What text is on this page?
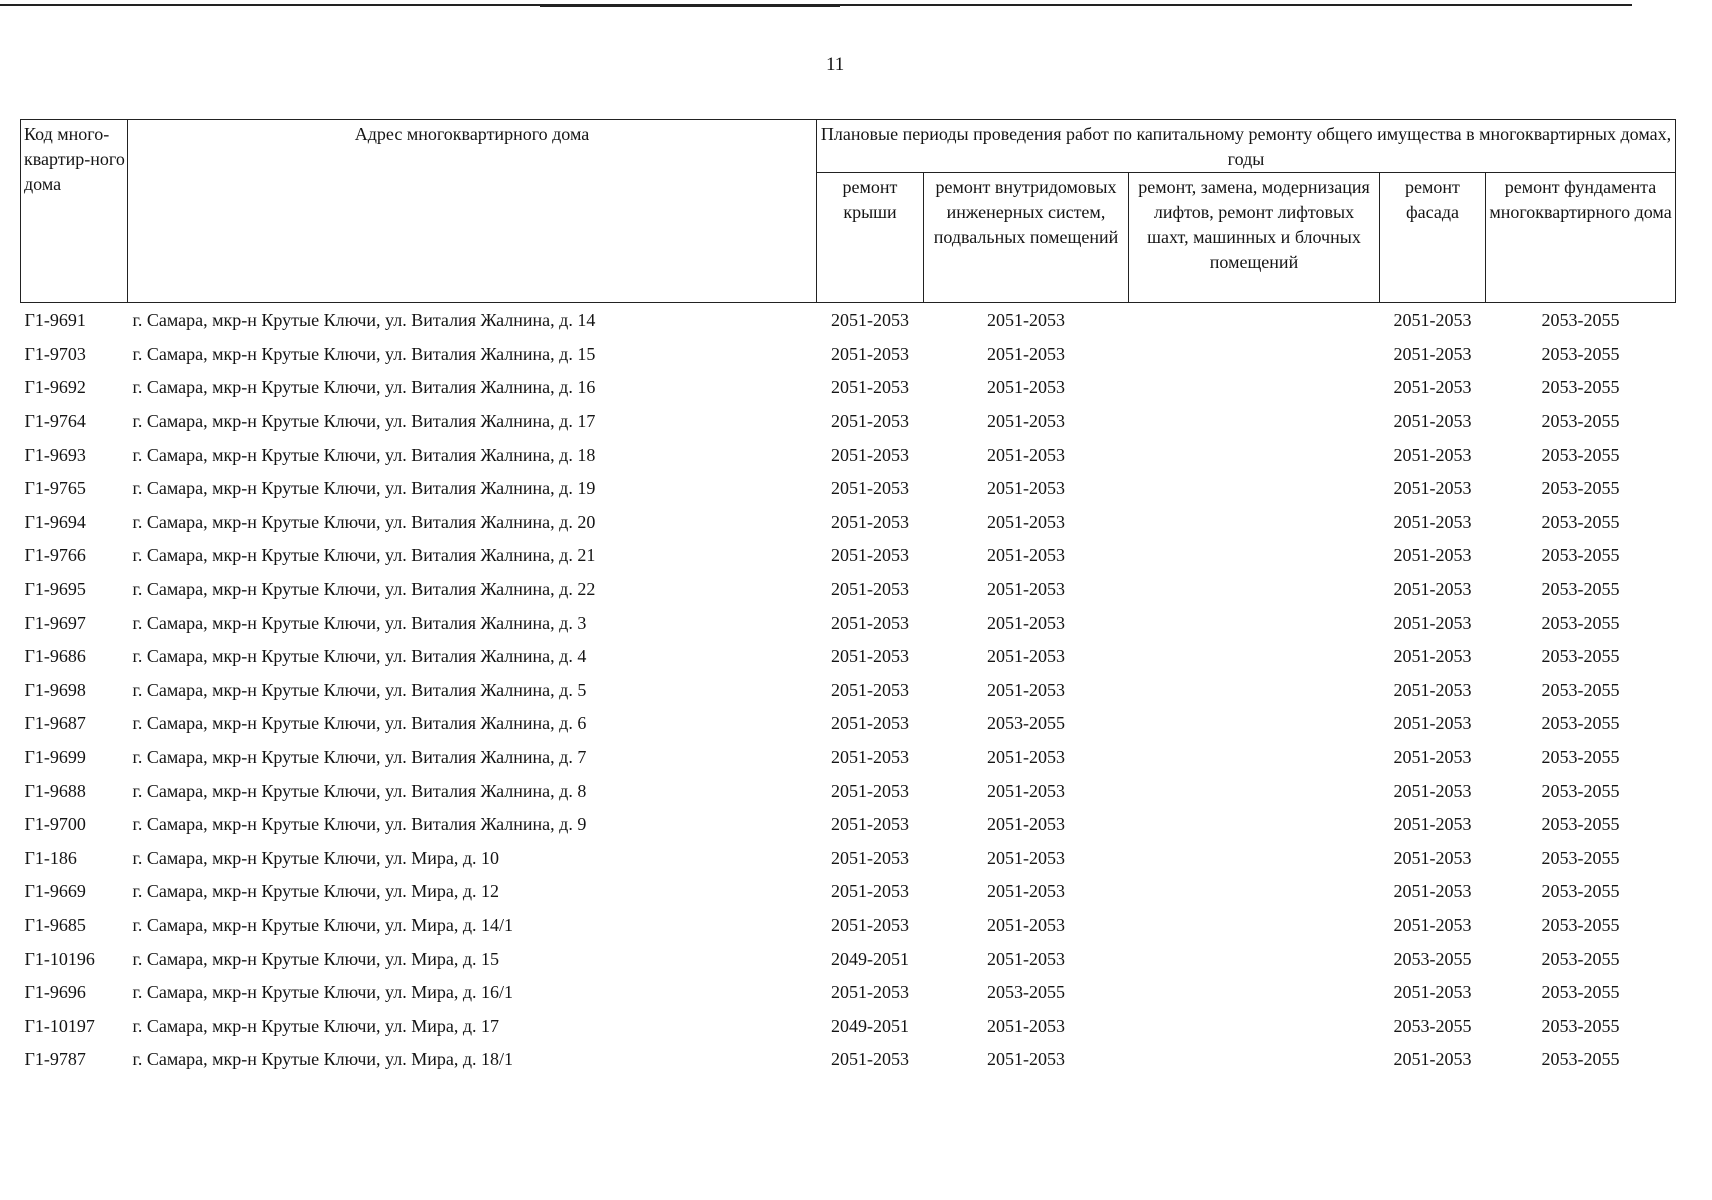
11
Код много-квартир-ного дома	Адрес многоквартирного дома	Плановые периоды проведения работ по капитальному ремонту общего имущества в многоквартирных домах, годы				
		ремонт крыши	ремонт внутридомовых инженерных систем, подвальных помещений	ремонт, замена, модернизация лифтов, ремонт лифтовых шахт, машинных и блочных помещений	ремонт фасада	ремонт фундамента многоквартирного дома
Г1-9691	г. Самара, мкр-н Крутые Ключи, ул. Виталия Жалнина, д. 14	2051-2053	2051-2053		2051-2053	2053-2055
Г1-9703	г. Самара, мкр-н Крутые Ключи, ул. Виталия Жалнина, д. 15	2051-2053	2051-2053		2051-2053	2053-2055
Г1-9692	г. Самара, мкр-н Крутые Ключи, ул. Виталия Жалнина, д. 16	2051-2053	2051-2053		2051-2053	2053-2055
Г1-9764	г. Самара, мкр-н Крутые Ключи, ул. Виталия Жалнина, д. 17	2051-2053	2051-2053		2051-2053	2053-2055
Г1-9693	г. Самара, мкр-н Крутые Ключи, ул. Виталия Жалнина, д. 18	2051-2053	2051-2053		2051-2053	2053-2055
Г1-9765	г. Самара, мкр-н Крутые Ключи, ул. Виталия Жалнина, д. 19	2051-2053	2051-2053		2051-2053	2053-2055
Г1-9694	г. Самара, мкр-н Крутые Ключи, ул. Виталия Жалнина, д. 20	2051-2053	2051-2053		2051-2053	2053-2055
Г1-9766	г. Самара, мкр-н Крутые Ключи, ул. Виталия Жалнина, д. 21	2051-2053	2051-2053		2051-2053	2053-2055
Г1-9695	г. Самара, мкр-н Крутые Ключи, ул. Виталия Жалнина, д. 22	2051-2053	2051-2053		2051-2053	2053-2055
Г1-9697	г. Самара, мкр-н Крутые Ключи, ул. Виталия Жалнина, д. 3	2051-2053	2051-2053		2051-2053	2053-2055
Г1-9686	г. Самара, мкр-н Крутые Ключи, ул. Виталия Жалнина, д. 4	2051-2053	2051-2053		2051-2053	2053-2055
Г1-9698	г. Самара, мкр-н Крутые Ключи, ул. Виталия Жалнина, д. 5	2051-2053	2051-2053		2051-2053	2053-2055
Г1-9687	г. Самара, мкр-н Крутые Ключи, ул. Виталия Жалнина, д. 6	2051-2053	2053-2055		2051-2053	2053-2055
Г1-9699	г. Самара, мкр-н Крутые Ключи, ул. Виталия Жалнина, д. 7	2051-2053	2051-2053		2051-2053	2053-2055
Г1-9688	г. Самара, мкр-н Крутые Ключи, ул. Виталия Жалнина, д. 8	2051-2053	2051-2053		2051-2053	2053-2055
Г1-9700	г. Самара, мкр-н Крутые Ключи, ул. Виталия Жалнина, д. 9	2051-2053	2051-2053		2051-2053	2053-2055
Г1-186	г. Самара, мкр-н Крутые Ключи, ул. Мира, д. 10	2051-2053	2051-2053		2051-2053	2053-2055
Г1-9669	г. Самара, мкр-н Крутые Ключи, ул. Мира, д. 12	2051-2053	2051-2053		2051-2053	2053-2055
Г1-9685	г. Самара, мкр-н Крутые Ключи, ул. Мира, д. 14/1	2051-2053	2051-2053		2051-2053	2053-2055
Г1-10196	г. Самара, мкр-н Крутые Ключи, ул. Мира, д. 15	2049-2051	2051-2053		2053-2055	2053-2055
Г1-9696	г. Самара, мкр-н Крутые Ключи, ул. Мира, д. 16/1	2051-2053	2053-2055		2051-2053	2053-2055
Г1-10197	г. Самара, мкр-н Крутые Ключи, ул. Мира, д. 17	2049-2051	2051-2053		2053-2055	2053-2055
Г1-9787	г. Самара, мкр-н Крутые Ключи, ул. Мира, д. 18/1	2051-2053	2051-2053		2051-2053	2053-2055
